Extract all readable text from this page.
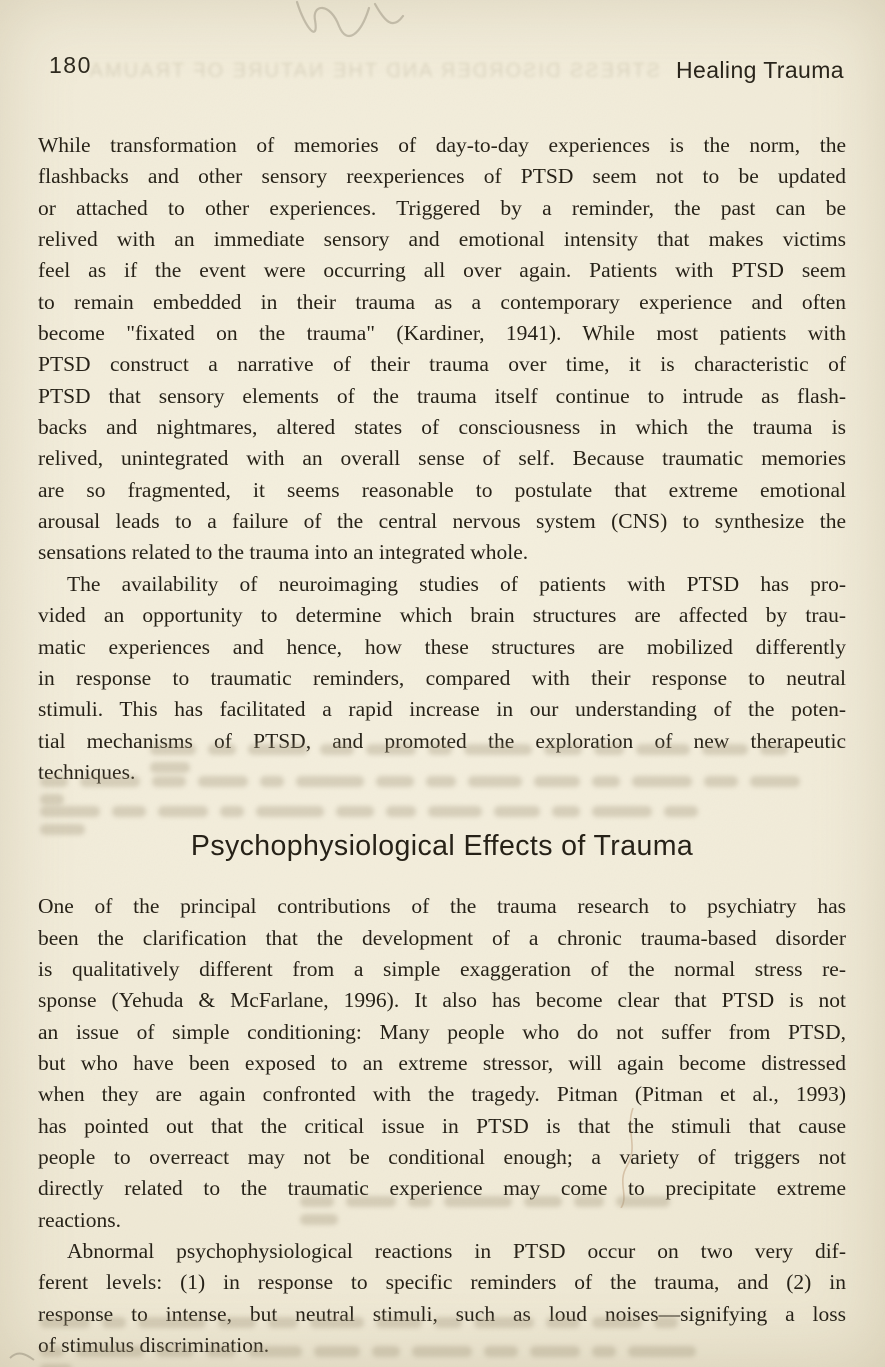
STRESS DISORDER AND THE NATURE OF TRAUMA
180	Healing Trauma
While transformation of memories of day-to-day experiences is the norm, the
flashbacks and other sensory reexperiences of PTSD seem not to be updated
or attached to other experiences. Triggered by a reminder, the past can be
relived with an immediate sensory and emotional intensity that makes victims
feel as if the event were occurring all over again. Patients with PTSD seem
to remain embedded in their trauma as a contemporary experience and often
become "fixated on the trauma" (Kardiner, 1941). While most patients with
PTSD construct a narrative of their trauma over time, it is characteristic of
PTSD that sensory elements of the trauma itself continue to intrude as flash-
backs and nightmares, altered states of consciousness in which the trauma is
relived, unintegrated with an overall sense of self. Because traumatic memories
are so fragmented, it seems reasonable to postulate that extreme emotional
arousal leads to a failure of the central nervous system (CNS) to synthesize the
sensations related to the trauma into an integrated whole.
The availability of neuroimaging studies of patients with PTSD has pro-
vided an opportunity to determine which brain structures are affected by trau-
matic experiences and hence, how these structures are mobilized differently
in response to traumatic reminders, compared with their response to neutral
stimuli. This has facilitated a rapid increase in our understanding of the poten-
tial mechanisms of PTSD, and promoted the exploration of new therapeutic
techniques.
Psychophysiological Effects of Trauma
One of the principal contributions of the trauma research to psychiatry has
been the clarification that the development of a chronic trauma-based disorder
is qualitatively different from a simple exaggeration of the normal stress re-
sponse (Yehuda & McFarlane, 1996). It also has become clear that PTSD is not
an issue of simple conditioning: Many people who do not suffer from PTSD,
but who have been exposed to an extreme stressor, will again become distressed
when they are again confronted with the tragedy. Pitman (Pitman et al., 1993)
has pointed out that the critical issue in PTSD is that the stimuli that cause
people to overreact may not be conditional enough; a variety of triggers not
directly related to the traumatic experience may come to precipitate extreme
reactions.
Abnormal psychophysiological reactions in PTSD occur on two very dif-
ferent levels: (1) in response to specific reminders of the trauma, and (2) in
response to intense, but neutral stimuli, such as loud noises—signifying a loss
of stimulus discrimination.
